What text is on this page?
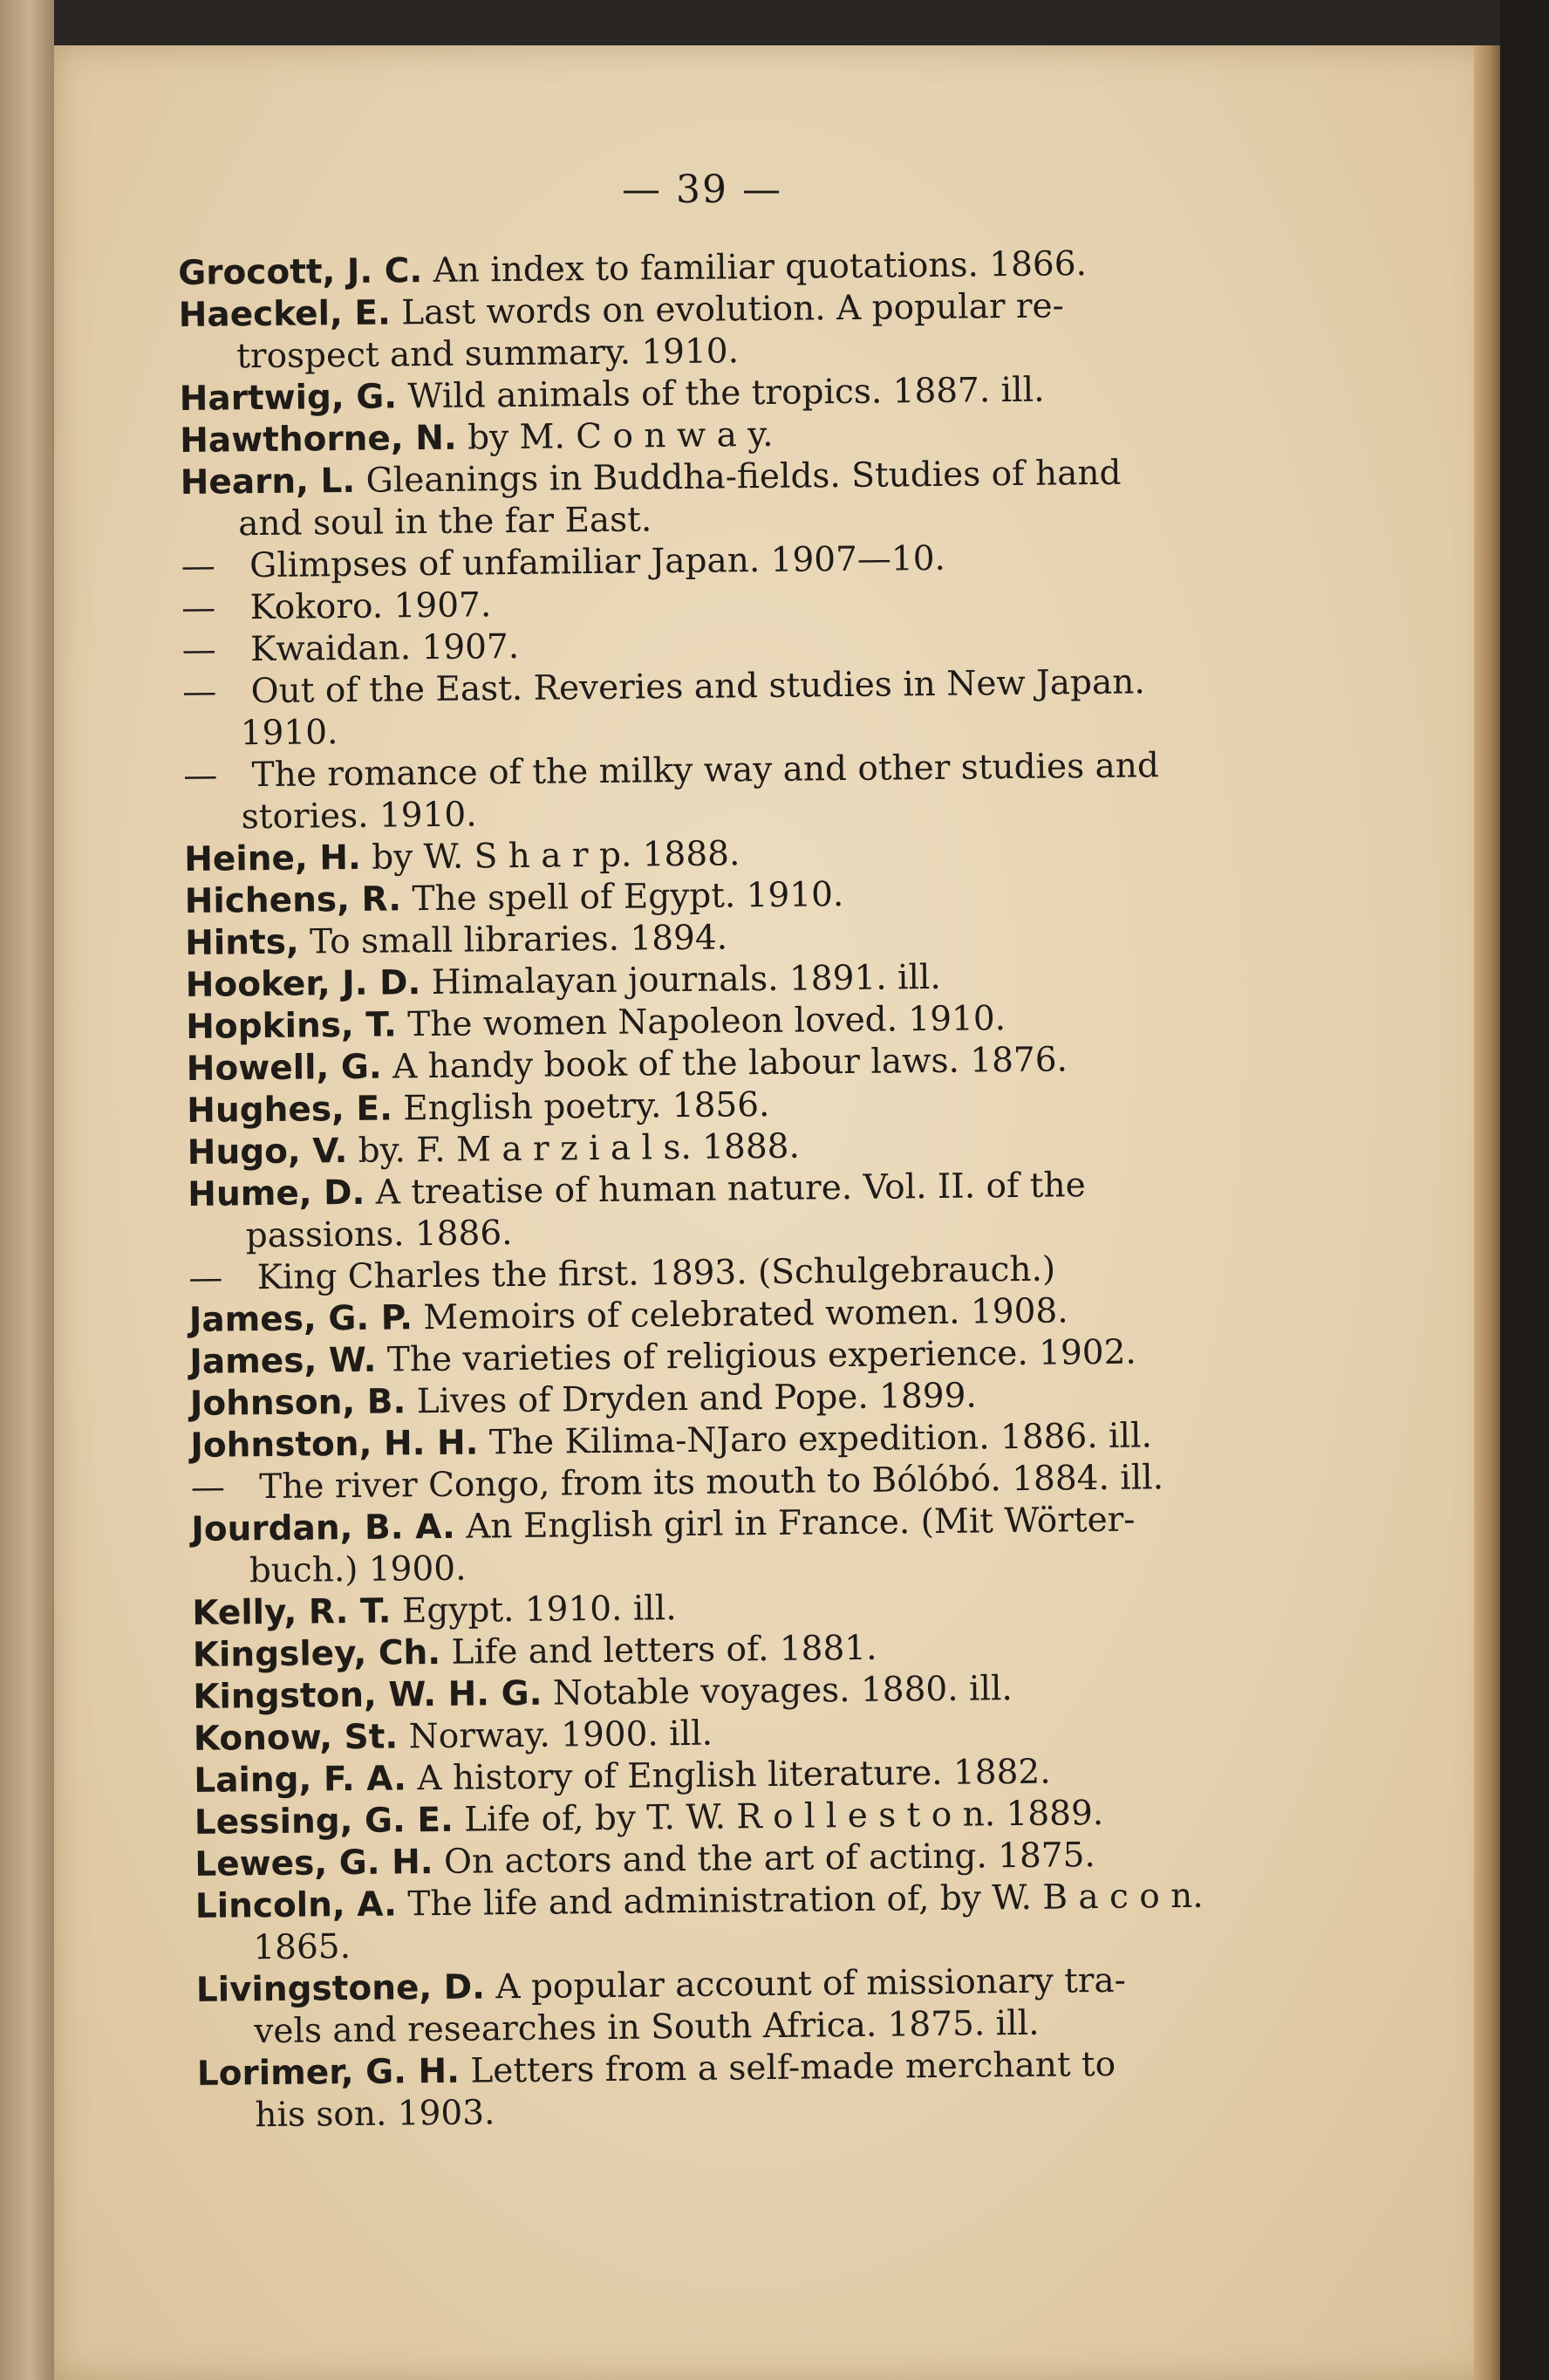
— 39 —
Grocott, J. C. An index to familiar quotations. 1866.
Haeckel, E. Last words on evolution. A popular re-
trospect and summary. 1910.
Hartwig, G. Wild animals of the tropics. 1887. ill.
Hawthorne, N. by M. C o n w a y.
Hearn, L. Gleanings in Buddha-fields. Studies of hand
and soul in the far East.
— Glimpses of unfamiliar Japan. 1907—10.
— Kokoro. 1907.
— Kwaidan. 1907.
— Out of the East. Reveries and studies in New Japan.
1910.
— The romance of the milky way and other studies and
stories. 1910.
Heine, H. by W. S h a r p. 1888.
Hichens, R. The spell of Egypt. 1910.
Hints, To small libraries. 1894.
Hooker, J. D. Himalayan journals. 1891. ill.
Hopkins, T. The women Napoleon loved. 1910.
Howell, G. A handy book of the labour laws. 1876.
Hughes, E. English poetry. 1856.
Hugo, V. by. F. M a r z i a l s. 1888.
Hume, D. A treatise of human nature. Vol. II. of the
passions. 1886.
— King Charles the first. 1893. (Schulgebrauch.)
James, G. P. Memoirs of celebrated women. 1908.
James, W. The varieties of religious experience. 1902.
Johnson, B. Lives of Dryden and Pope. 1899.
Johnston, H. H. The Kilima-NJaro expedition. 1886. ill.
— The river Congo, from its mouth to Bólóbó. 1884. ill.
Jourdan, B. A. An English girl in France. (Mit Wörter-
buch.) 1900.
Kelly, R. T. Egypt. 1910. ill.
Kingsley, Ch. Life and letters of. 1881.
Kingston, W. H. G. Notable voyages. 1880. ill.
Konow, St. Norway. 1900. ill.
Laing, F. A. A history of English literature. 1882.
Lessing, G. E. Life of, by T. W. R o l l e s t o n. 1889.
Lewes, G. H. On actors and the art of acting. 1875.
Lincoln, A. The life and administration of, by W. B a c o n.
1865.
Livingstone, D. A popular account of missionary tra-
vels and researches in South Africa. 1875. ill.
Lorimer, G. H. Letters from a self-made merchant to
his son. 1903.
